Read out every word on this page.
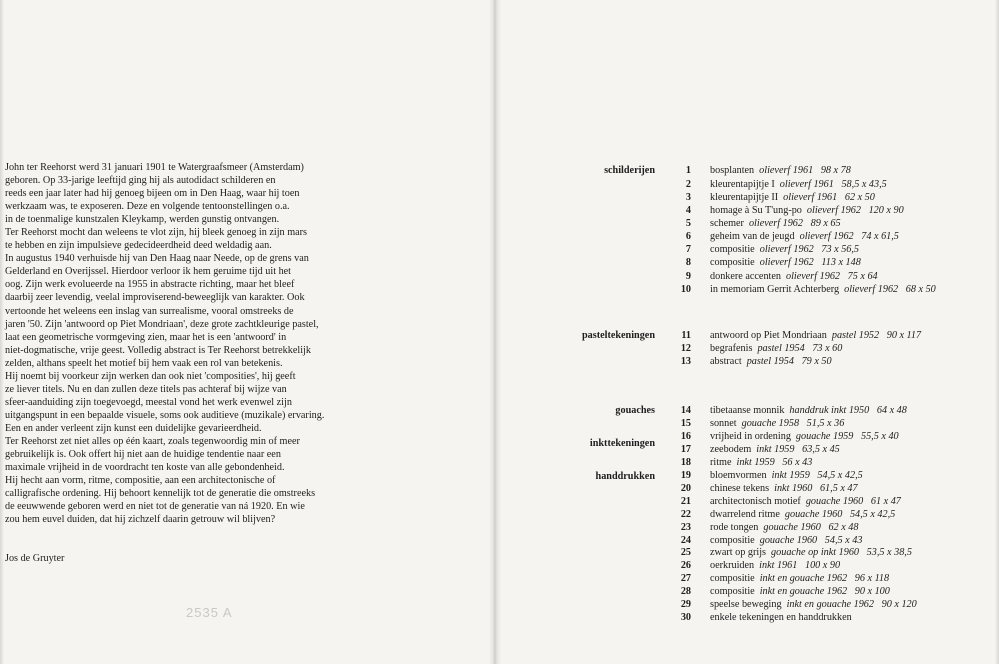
John ter Reehorst werd 31 januari 1901 te Watergraafsmeer (Amsterdam)
geboren. Op 33-jarige leeftijd ging hij als autodidact schilderen en
reeds een jaar later had hij genoeg bijeen om in Den Haag, waar hij toen
werkzaam was, te exposeren. Deze en volgende tentoonstellingen o.a.
in de toenmalige kunstzalen Kleykamp, werden gunstig ontvangen.
Ter Reehorst mocht dan weleens te vlot zijn, hij bleek genoeg in zijn mars
te hebben en zijn impulsieve gedecideerdheid deed weldadig aan.
In augustus 1940 verhuisde hij van Den Haag naar Neede, op de grens van
Gelderland en Overijssel. Hierdoor verloor ik hem geruime tijd uit het
oog. Zijn werk evolueerde na 1955 in abstracte richting, maar het bleef
daarbij zeer levendig, veelal improviserend-beweeglijk van karakter. Ook
vertoonde het weleens een inslag van surrealisme, vooral omstreeks de
jaren '50. Zijn 'antwoord op Piet Mondriaan', deze grote zachtkleurige pastel,
laat een geometrische vormgeving zien, maar het is een 'antwoord' in
niet-dogmatische, vrije geest. Volledig abstract is Ter Reehorst betrekkelijk
zelden, althans speelt het motief bij hem vaak een rol van betekenis.
Hij noemt bij voorkeur zijn werken dan ook niet 'composities', hij geeft
ze liever titels. Nu en dan zullen deze titels pas achteraf bij wijze van
sfeer-aanduiding zijn toegevoegd, meestal vond het werk evenwel zijn
uitgangspunt in een bepaalde visuele, soms ook auditieve (muzikale) ervaring.
Een en ander verleent zijn kunst een duidelijke gevarieerdheid.
Ter Reehorst zet niet alles op één kaart, zoals tegenwoordig min of meer
gebruikelijk is. Ook offert hij niet aan de huidige tendentie naar een
maximale vrijheid in de voordracht ten koste van alle gebondenheid.
Hij hecht aan vorm, ritme, compositie, aan een architectonische of
calligrafische ordening. Hij behoort kennelijk tot de generatie die omstreeks
de eeuwwende geboren werd en niet tot de generatie van ná 1920. En wie
zou hem euvel duiden, dat hij zichzelf daarin getrouw wil blijven?
Jos de Gruyter
2535 A
schilderijen
pasteltekeningen
gouaches
inkttekeningen
handdrukken
1 bosplanten olieverf 1961   98 x 78
2 kleurentapijtje I olieverf 1961   58,5 x 43,5
3 kleurentapijtje II olieverf 1961   62 x 50
4 homage à Su T'ung-po olieverf 1962   120 x 90
5 schemer olieverf 1962   89 x 65
6 geheim van de jeugd olieverf 1962   74 x 61,5
7 compositie olieverf 1962   73 x 56,5
8 compositie olieverf 1962   113 x 148
9 donkere accenten olieverf 1962   75 x 64
10 in memoriam Gerrit Achterberg olieverf 1962   68 x 50
11 antwoord op Piet Mondriaan pastel 1952   90 x 117
12 begrafenis pastel 1954   73 x 60
13 abstract pastel 1954   79 x 50
14 tibetaanse monnik handdruk inkt 1950   64 x 48
15 sonnet gouache 1958   51,5 x 36
16 vrijheid in ordening gouache 1959   55,5 x 40
17 zeebodem inkt 1959   63,5 x 45
18 ritme inkt 1959   56 x 43
19 bloemvormen inkt 1959   54,5 x 42,5
20 chinese tekens inkt 1960   61,5 x 47
21 architectonisch motief gouache 1960   61 x 47
22 dwarrelend ritme gouache 1960   54,5 x 42,5
23 rode tongen gouache 1960   62 x 48
24 compositie gouache 1960   54,5 x 43
25 zwart op grijs gouache op inkt 1960   53,5 x 38,5
26 oerkruiden inkt 1961   100 x 90
27 compositie inkt en gouache 1962   96 x 118
28 compositie inkt en gouache 1962   90 x 100
29 speelse beweging inkt en gouache 1962   90 x 120
30 enkele tekeningen en handdrukken
